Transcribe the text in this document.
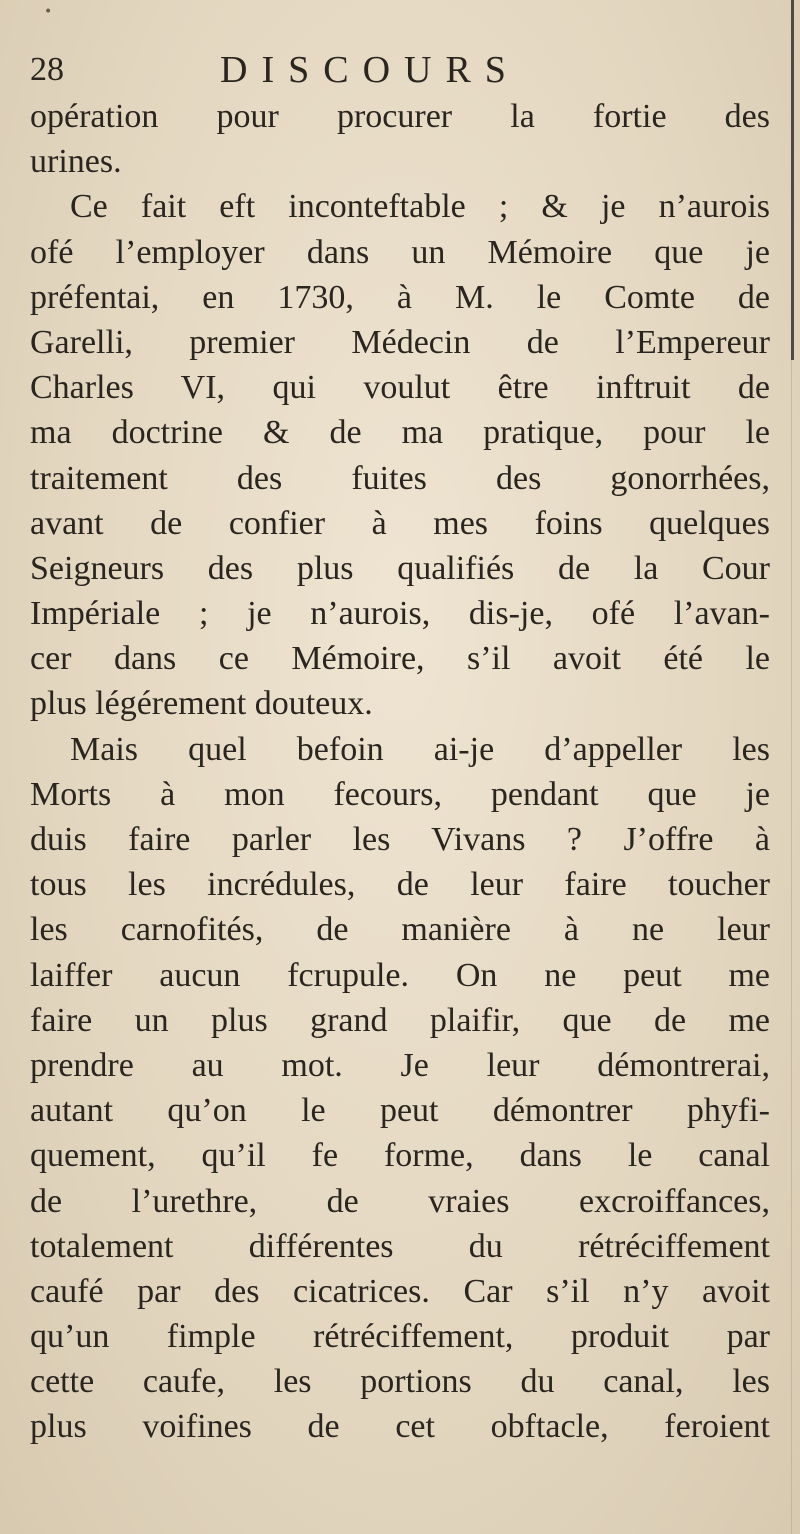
•
28	DISCOURS
opération pour procurer la fortie des
urines.
Ce fait eft inconteftable ; & je n’aurois
ofé l’employer dans un Mémoire que je
préfentai, en 1730, à M. le Comte de
Garelli, premier Médecin de l’Empereur
Charles VI, qui voulut être inftruit de
ma doctrine & de ma pratique, pour le
traitement des fuites des gonorrhées,
avant de confier à mes foins quelques
Seigneurs des plus qualifiés de la Cour
Impériale ; je n’aurois, dis-je, ofé l’avan-
cer dans ce Mémoire, s’il avoit été le
plus légérement douteux.
Mais quel befoin ai-je d’appeller les
Morts à mon fecours, pendant que je
duis faire parler les Vivans ? J’offre à
tous les incrédules, de leur faire toucher
les carnofités, de manière à ne leur
laiffer aucun fcrupule. On ne peut me
faire un plus grand plaifir, que de me
prendre au mot. Je leur démontrerai,
autant qu’on le peut démontrer phyfi-
quement, qu’il fe forme, dans le canal
de l’urethre, de vraies excroiffances,
totalement différentes du rétréciffement
caufé par des cicatrices. Car s’il n’y avoit
qu’un fimple rétréciffement, produit par
cette caufe, les portions du canal, les
plus voifines de cet obftacle, feroient
